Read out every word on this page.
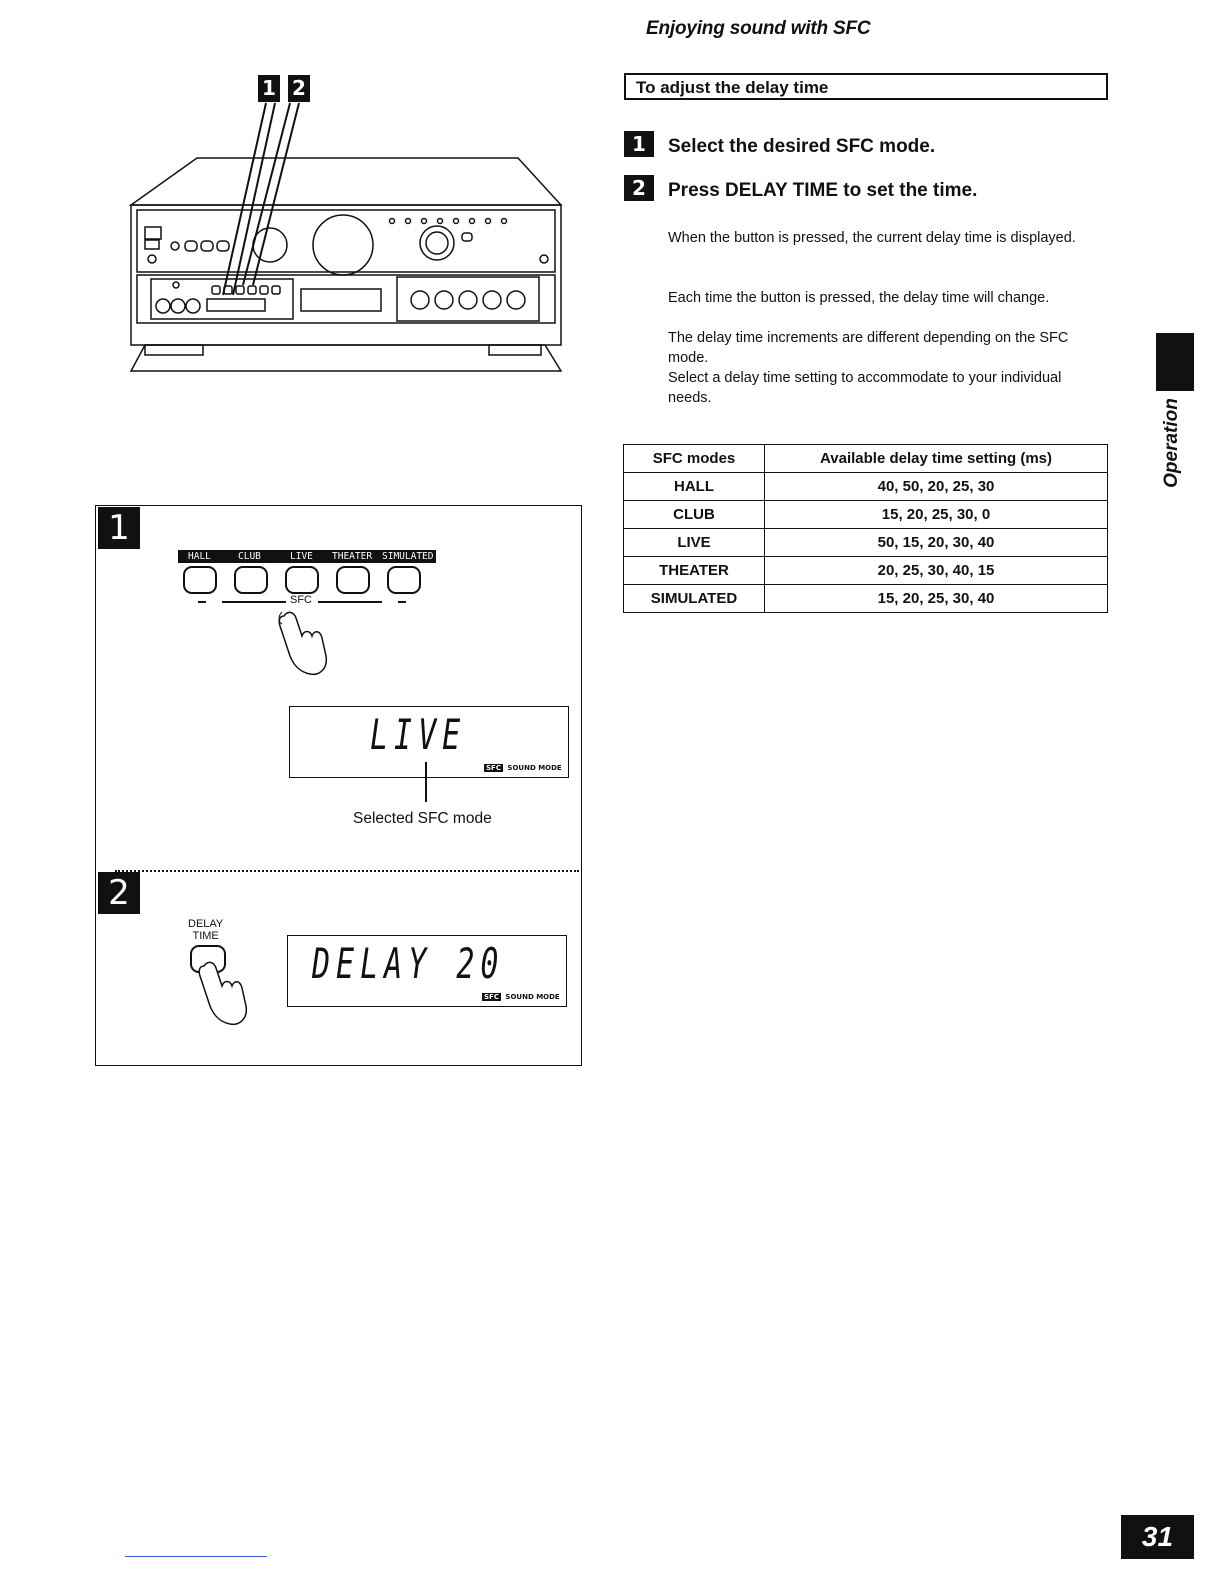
Enjoying sound with SFC
To adjust the delay time
1	Select the desired SFC mode.
2	Press DELAY TIME to set the time.
When the button is pressed, the current delay time is displayed.
Each time the button is pressed, the delay time will change.
The delay time increments are different depending on the SFC mode.
Select a delay time setting to accommodate to your individual needs.
SFC modes	Available delay time setting (ms)
HALL	40, 50, 20, 25, 30
CLUB	15, 20, 25, 30, 0
LIVE	50, 15, 20, 30, 40
THEATER	20, 25, 30, 40, 15
SIMULATED	15, 20, 25, 30, 40
Operation
1 2
1
HALL	CLUB	LIVE THEATER SIMULATED
SFC
LIVE
SFC SOUND MODE
Selected SFC mode
2
DELAY
TIME
DELAY 20
SFC SOUND MODE
31
